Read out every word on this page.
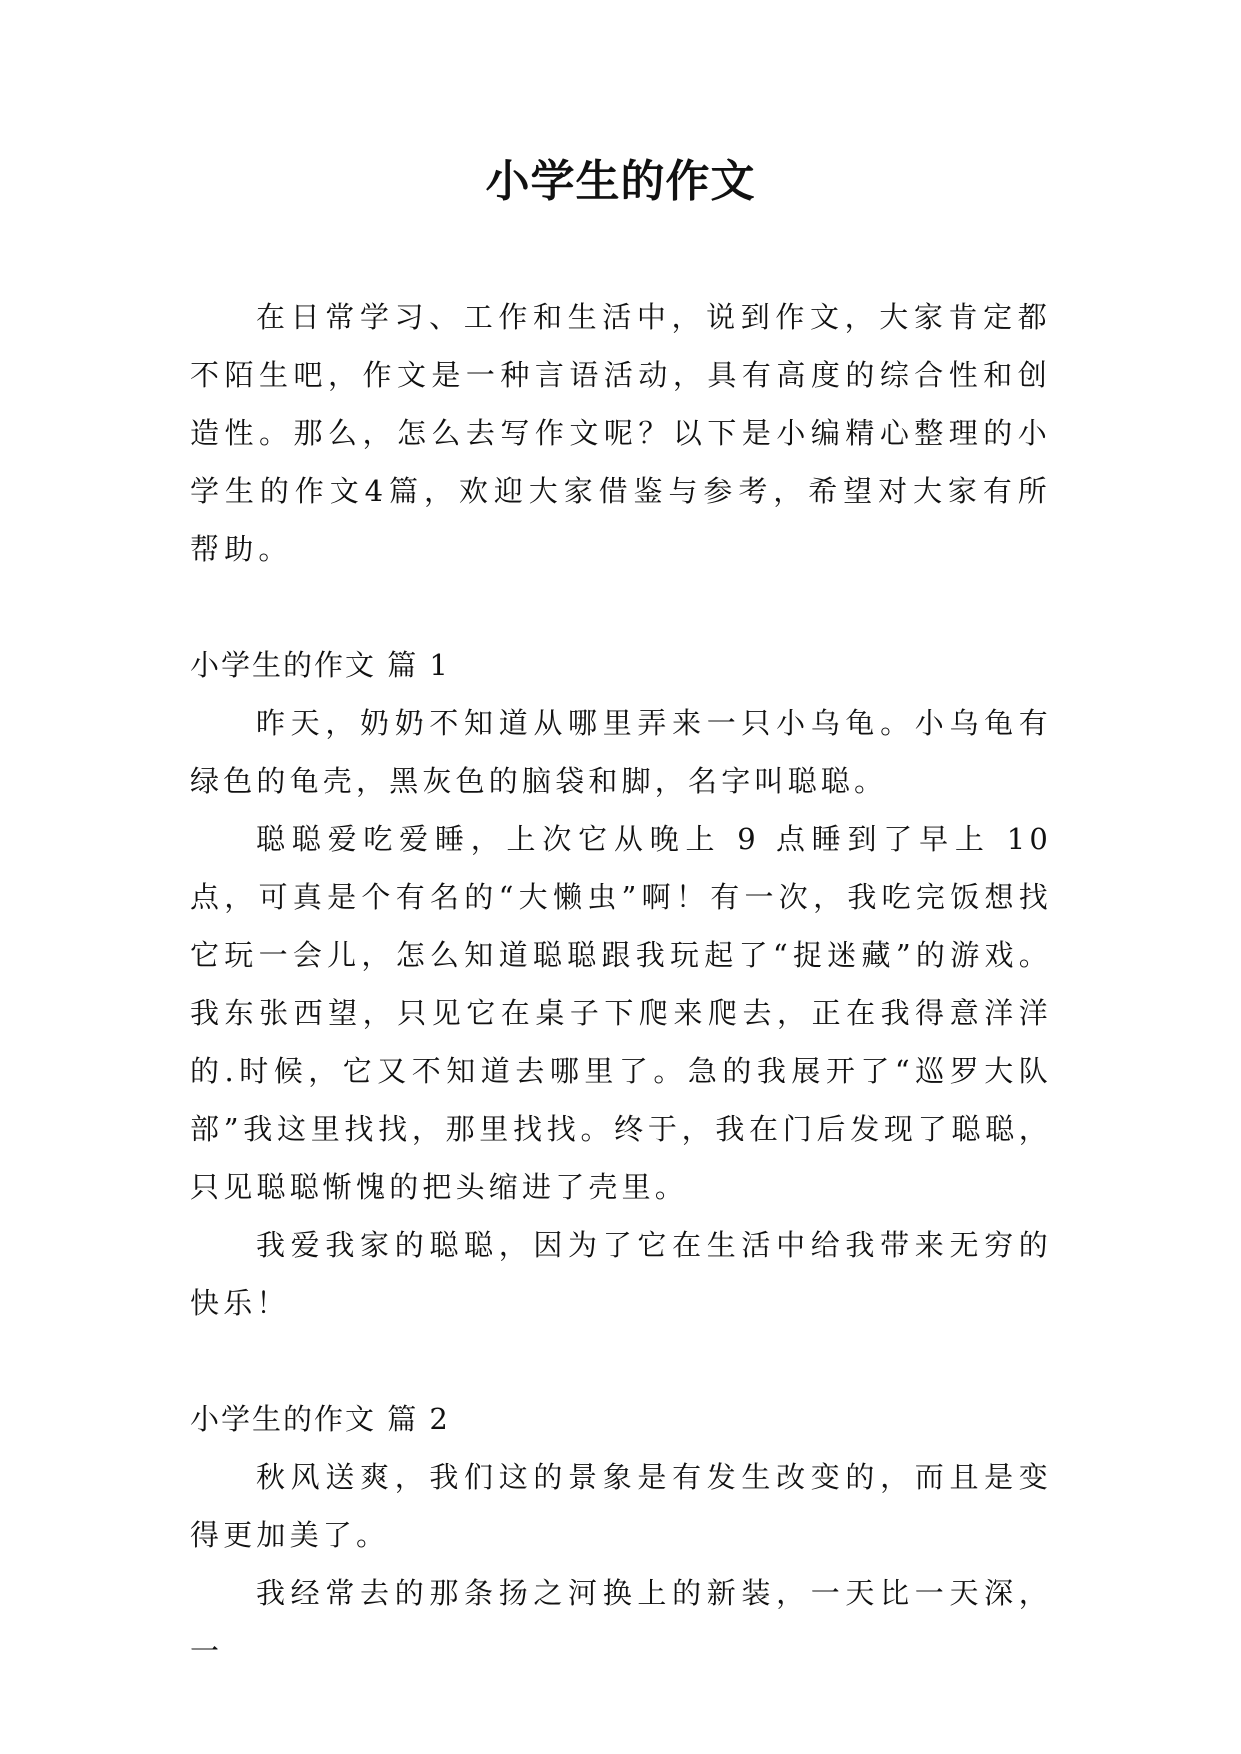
小学生的作文

在日常学习、工作和生活中，说到作文，大家肯定都不陌生吧，作文是一种言语活动，具有高度的综合性和创造性。那么，怎么去写作文呢？以下是小编精心整理的小学生的作文4篇，欢迎大家借鉴与参考，希望对大家有所帮助。

小学生的作文 篇 1

昨天，奶奶不知道从哪里弄来一只小乌龟。小乌龟有绿色的龟壳，黑灰色的脑袋和脚，名字叫聪聪。

聪聪爱吃爱睡，上次它从晚上 9 点睡到了早上 10 点，可真是个有名的“大懒虫”啊！有一次，我吃完饭想找它玩一会儿，怎么知道聪聪跟我玩起了“捉迷藏”的游戏。我东张西望，只见它在桌子下爬来爬去，正在我得意洋洋的.时候，它又不知道去哪里了。急的我展开了“巡罗大队部”我这里找找，那里找找。终于，我在门后发现了聪聪，只见聪聪惭愧的把头缩进了壳里。

我爱我家的聪聪，因为了它在生活中给我带来无穷的快乐！

小学生的作文 篇 2

秋风送爽，我们这的景象是有发生改变的，而且是变得更加美了。

我经常去的那条扬之河换上的新装，一天比一天深，一
